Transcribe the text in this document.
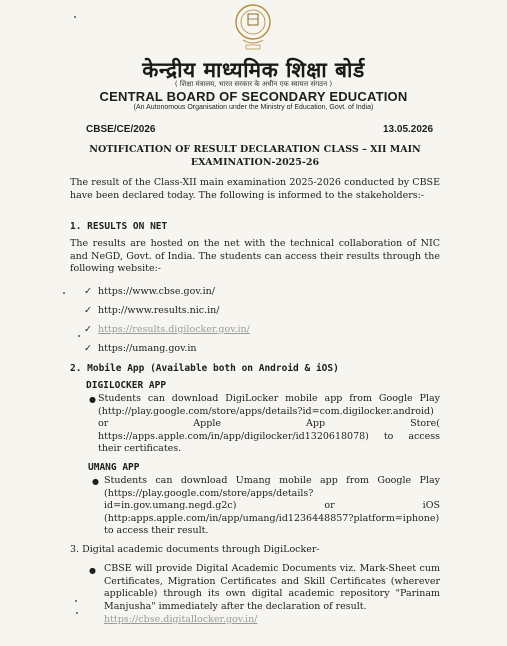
केन्द्रीय माध्यमिक शिक्षा बोर्ड
( शिक्षा मंत्रालय, भारत सरकार के अधीन एक स्वायत्त संगठन )
CENTRAL BOARD OF SECONDARY EDUCATION
(An Autonomous Organisation under the Ministry of Education, Govt. of India)
CBSE/CE/2026	13.05.2026
NOTIFICATION OF RESULT DECLARATION CLASS – XII MAIN
EXAMINATION-2025-26
The result of the Class-XII main examination 2025-2026 conducted by CBSE have been declared today. The following is informed to the stakeholders:-
1. RESULTS ON NET
The results are hosted on the net with the technical collaboration of NIC and NeGD, Govt. of India. The students can access their results through the following website:-
✓ https://www.cbse.gov.in/
✓ http://www.results.nic.in/
✓ https://results.digilocker.gov.in/
✓ https://umang.gov.in
2. Mobile App (Available both on Android & iOS)
DIGILOCKER APP
● Students can download DigiLocker mobile app from Google Play (http://play.google.com/store/apps/details?id=com.digilocker.android) or Apple App Store( https://apps.apple.com/in/app/digilocker/id1320618078) to access their certificates.
UMANG APP
● Students can download Umang mobile app from Google Play (https://play.google.com/store/apps/details?id=in.gov.umang.negd.g2c) or iOS (http:apps.apple.com/in/app/umang/id1236448857?platform=iphone) to access their result.
3. Digital academic documents through DigiLocker-
● CBSE will provide Digital Academic Documents viz. Mark-Sheet cum Certificates, Migration Certificates and Skill Certificates (wherever applicable) through its own digital academic repository "Parinam Manjusha" immediately after the declaration of result.
https://cbse.digitallocker.gov.in/
